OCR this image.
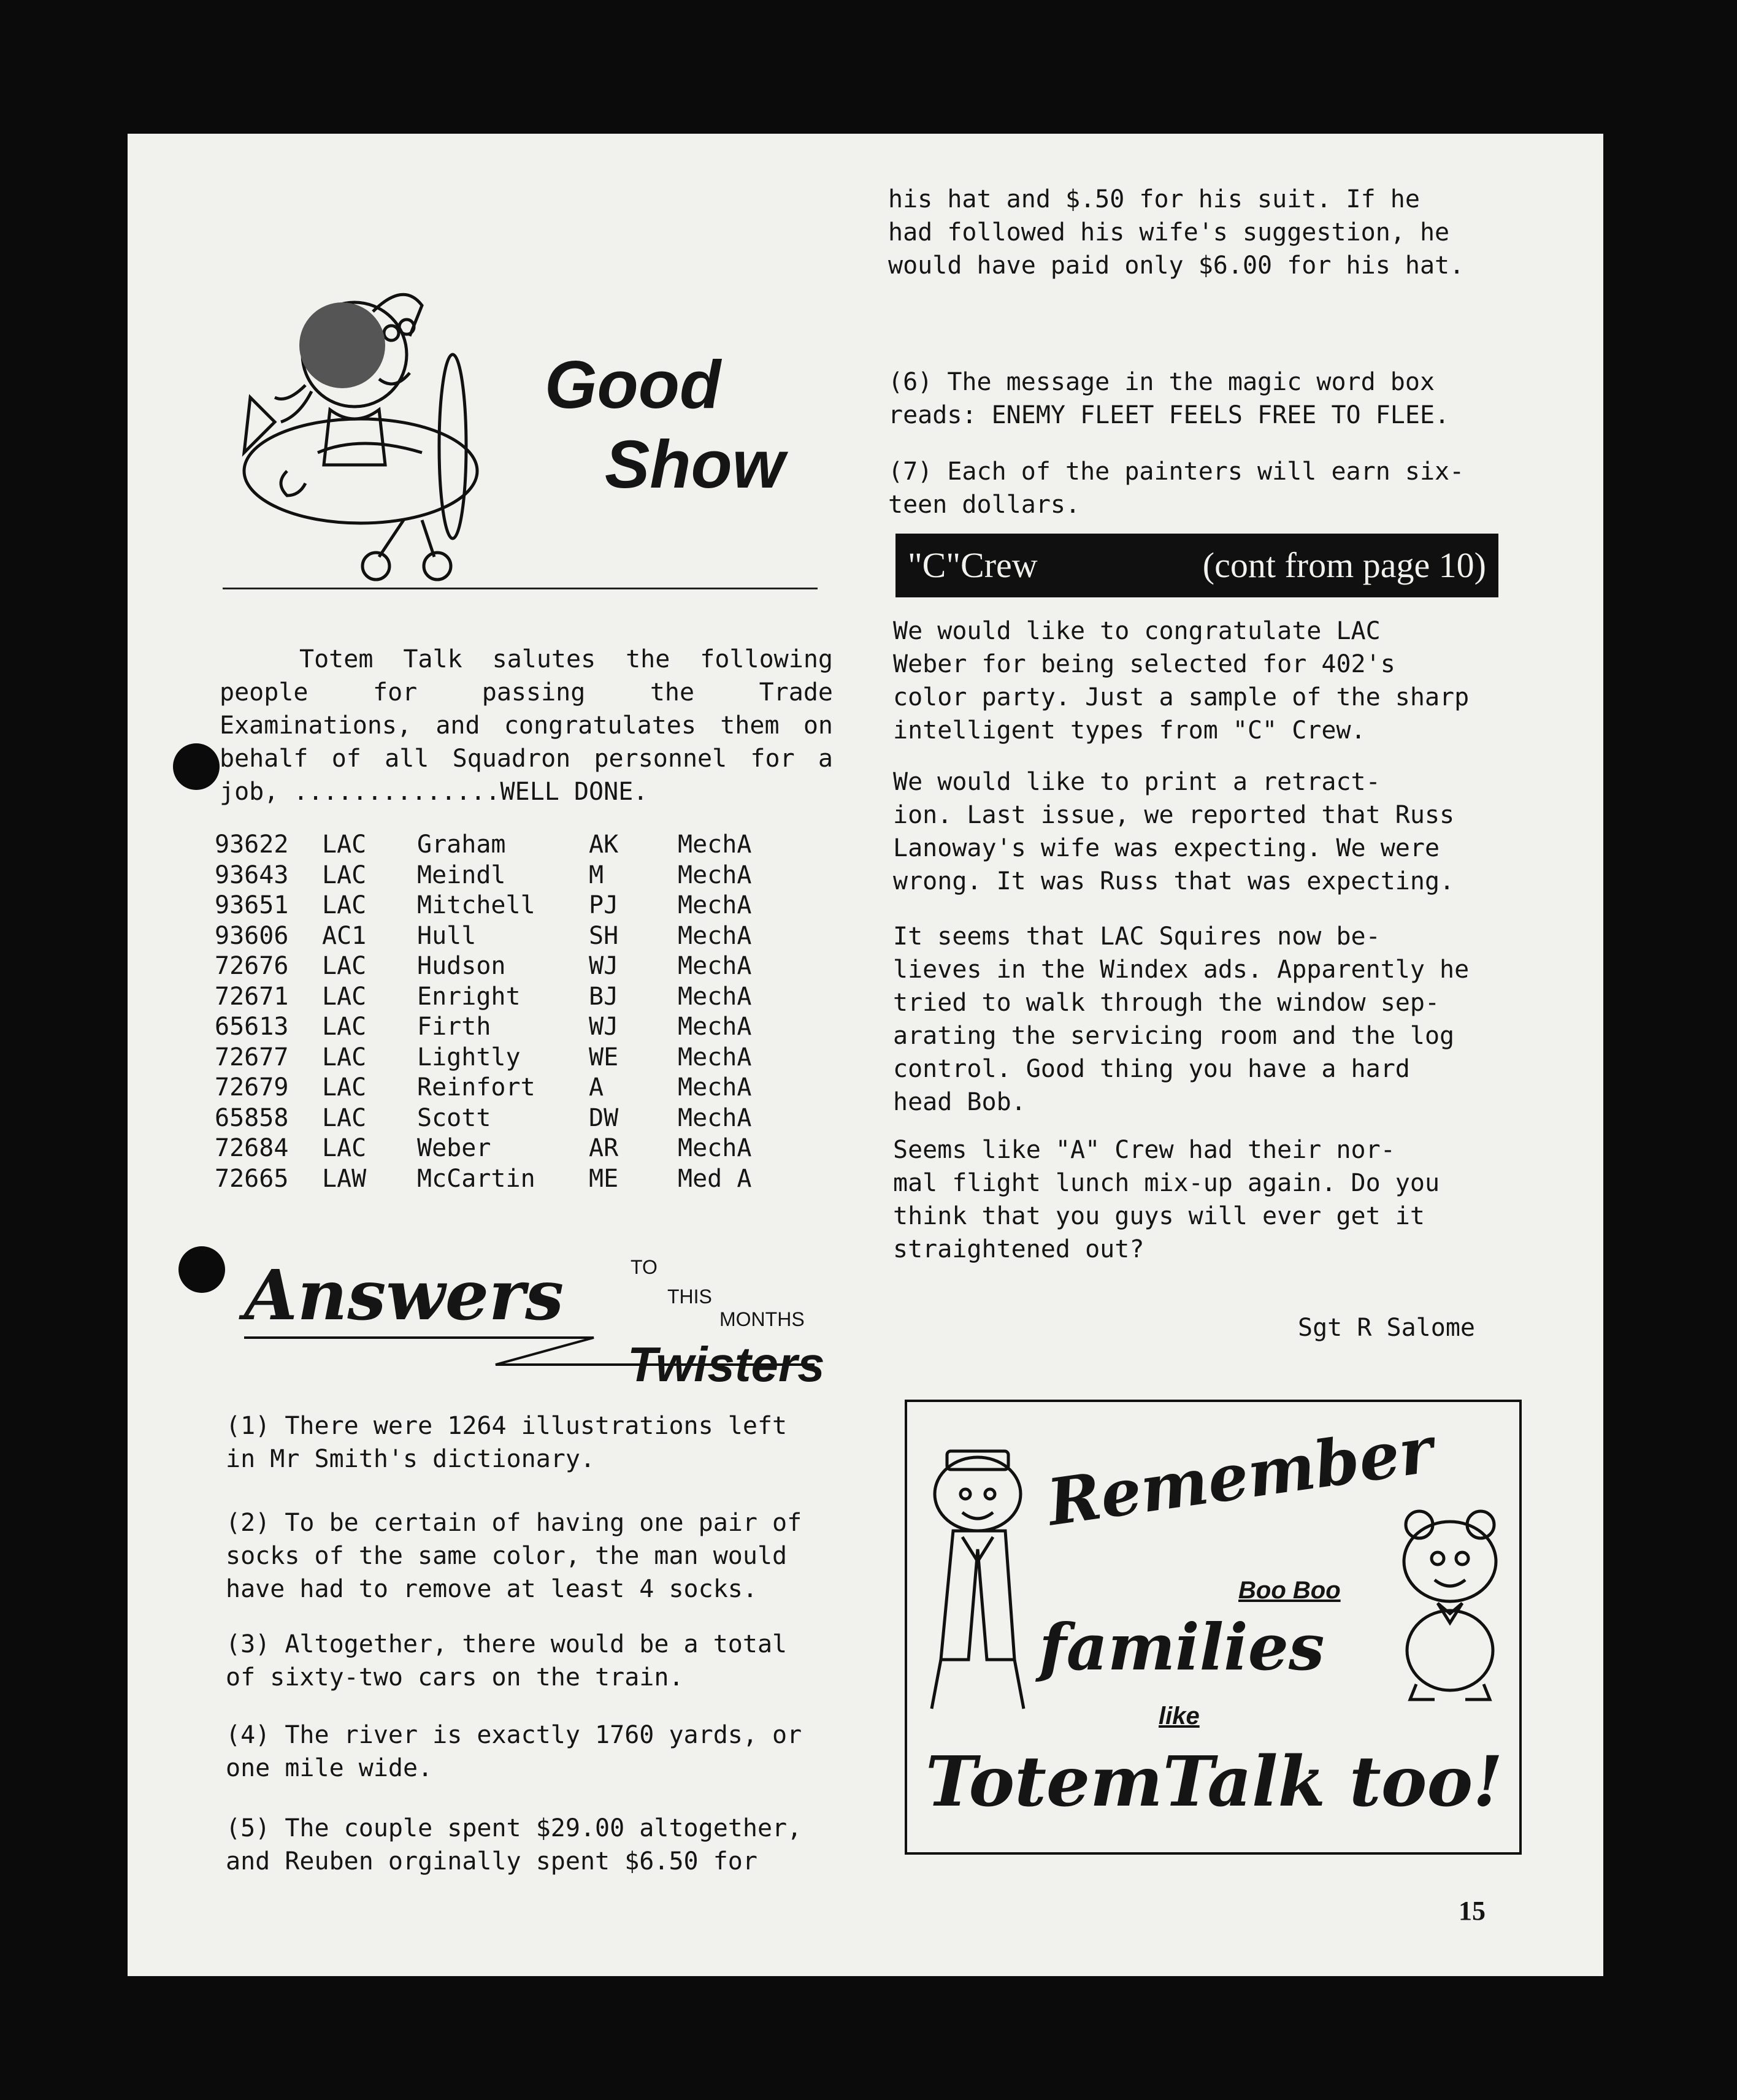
Good
Show
Totem Talk salutes the following people for passing the Trade Examinations, and congratulates them on behalf of all Squadron personnel for a job, ..............WELL DONE.
93622	LAC	Graham	AK	MechA
93643	LAC	Meindl	M	MechA
93651	LAC	Mitchell	PJ	MechA
93606	AC1	Hull	SH	MechA
72676	LAC	Hudson	WJ	MechA
72671	LAC	Enright	BJ	MechA
65613	LAC	Firth	WJ	MechA
72677	LAC	Lightly	WE	MechA
72679	LAC	Reinfort	A	MechA
65858	LAC	Scott	DW	MechA
72684	LAC	Weber	AR	MechA
72665	LAW	McCartin	ME	Med A
Answers	TO
THIS
MONTHS
Twisters
(1) There were 1264 illustrations left
in Mr Smith's dictionary.
(2) To be certain of having one pair of
socks of the same color, the man would
have had to remove at least 4 socks.
(3) Altogether, there would be a total
of sixty-two cars on the train.
(4) The river is exactly 1760 yards, or
one mile wide.
(5) The couple spent $29.00 altogether,
and Reuben orginally spent $6.50 for
his hat and $.50 for his suit. If he
had followed his wife's suggestion, he
would have paid only $6.00 for his hat.
(6) The message in the magic word box
reads: ENEMY FLEET FEELS FREE TO FLEE.
(7) Each of the painters will earn six-
teen dollars.
"C"Crew	(cont from page 10)
We would like to congratulate LAC
Weber for being selected for 402's
color party. Just a sample of the sharp
intelligent types from "C" Crew.
We would like to print a retract-
ion. Last issue, we reported that Russ
Lanoway's wife was expecting. We were
wrong. It was Russ that was expecting.
It seems that LAC Squires now be-
lieves in the Windex ads. Apparently he
tried to walk through the window sep-
arating the servicing room and the log
control. Good thing you have a hard
head Bob.
Seems like "A" Crew had their nor-
mal flight lunch mix-up again. Do you
think that you guys will ever get it
straightened out?
Sgt R Salome
Remember
Boo Boo
families
like
TotemTalk too!
15
